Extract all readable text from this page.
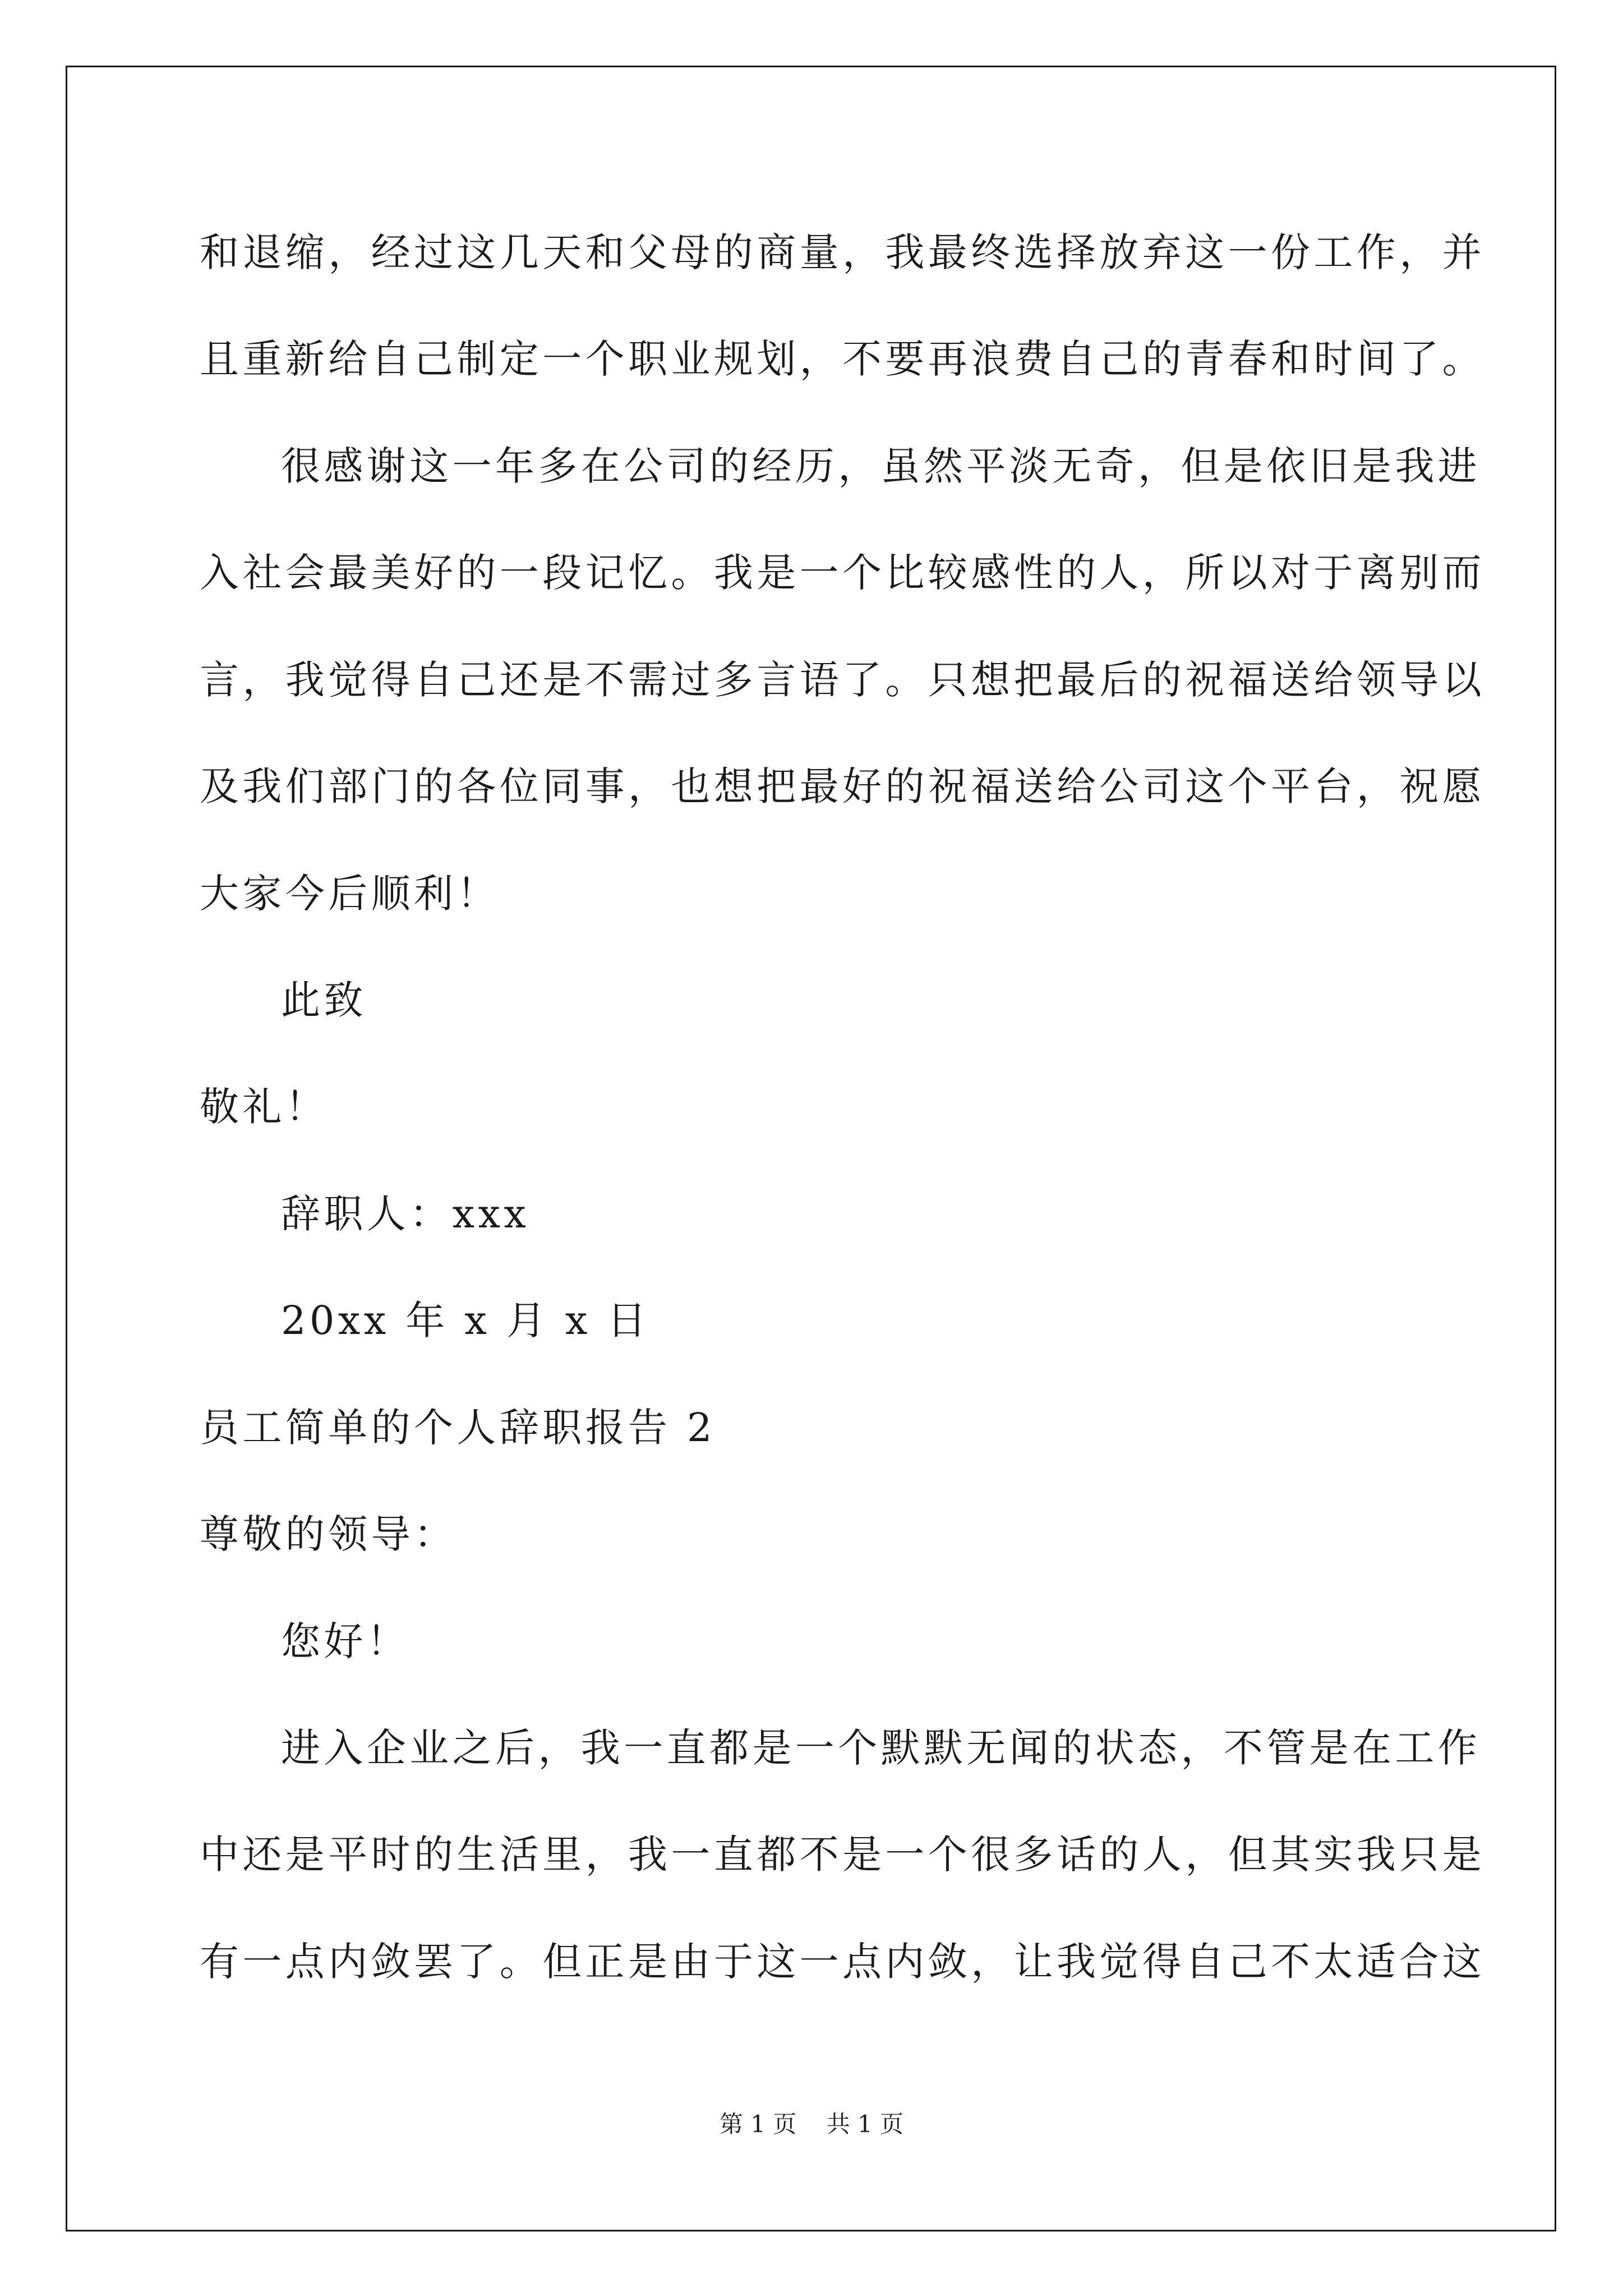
和退缩，经过这几天和父母的商量，我最终选择放弃这一份工作，并
且重新给自己制定一个职业规划，不要再浪费自己的青春和时间了。
很感谢这一年多在公司的经历，虽然平淡无奇，但是依旧是我进
入社会最美好的一段记忆。我是一个比较感性的人，所以对于离别而
言，我觉得自己还是不需过多言语了。只想把最后的祝福送给领导以
及我们部门的各位同事，也想把最好的祝福送给公司这个平台，祝愿
大家今后顺利！
此致
敬礼！
辞职人：xxx
20xx 年 x 月 x 日
员工简单的个人辞职报告 2
尊敬的领导：
您好！
进入企业之后，我一直都是一个默默无闻的状态，不管是在工作
中还是平时的生活里，我一直都不是一个很多话的人，但其实我只是
有一点内敛罢了。但正是由于这一点内敛，让我觉得自己不太适合这
第 1 页    共 1 页
